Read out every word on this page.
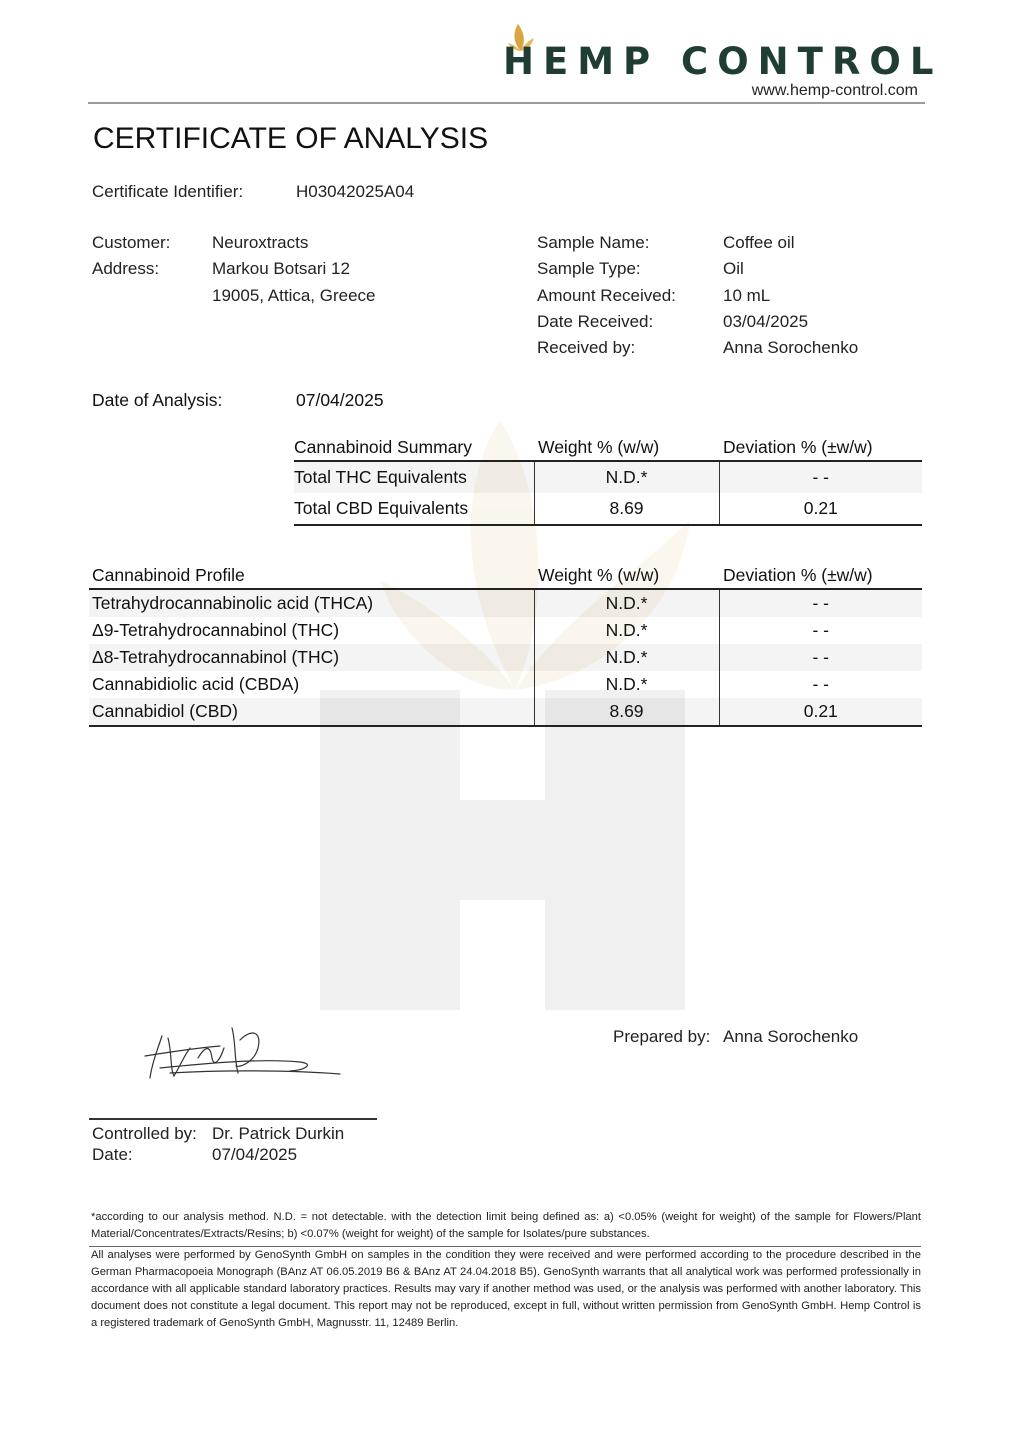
HEMP CONTROL
www.hemp-control.com
CERTIFICATE OF ANALYSIS
Certificate Identifier:	H03042025A04
Customer: Neuroxtracts
Address:	Markou Botsari 12
19005, Attica, Greece
Sample Name:	Coffee oil
Sample Type:	Oil
Amount Received:	10 mL
Date Received:	03/04/2025
Received by:	Anna Sorochenko
Date of Analysis:	07/04/2025
Cannabinoid Summary	Weight % (w/w)	Deviation % (±w/w)
Total THC Equivalents	N.D.*	- -
Total CBD Equivalents	8.69	0.21
Cannabinoid Profile	Weight % (w/w)	Deviation % (±w/w)
Tetrahydrocannabinolic acid (THCA)	N.D.*	- -
Δ9-Tetrahydrocannabinol (THC)	N.D.*	- -
Δ8-Tetrahydrocannabinol (THC)	N.D.*	- -
Cannabidiolic acid (CBDA)	N.D.*	- -
Cannabidiol (CBD)	8.69	0.21
Prepared by: Anna Sorochenko
Controlled by: Dr. Patrick Durkin
Date:	07/04/2025
*according to our analysis method. N.D. = not detectable. with the detection limit being defined as: a) <0.05% (weight for weight) of the sample for Flowers/Plant Material/Concentrates/Extracts/Resins; b) <0.07% (weight for weight) of the sample for Isolates/pure substances.
All analyses were performed by GenoSynth GmbH on samples in the condition they were received and were performed according to the procedure described in the German Pharmacopoeia Monograph (BAnz AT 06.05.2019 B6 & BAnz AT 24.04.2018 B5). GenoSynth warrants that all analytical work was performed professionally in accordance with all applicable standard laboratory practices. Results may vary if another method was used, or the analysis was performed with another laboratory. This document does not constitute a legal document. This report may not be reproduced, except in full, without written permission from GenoSynth GmbH. Hemp Control is a registered trademark of GenoSynth GmbH, Magnusstr. 11, 12489 Berlin.
